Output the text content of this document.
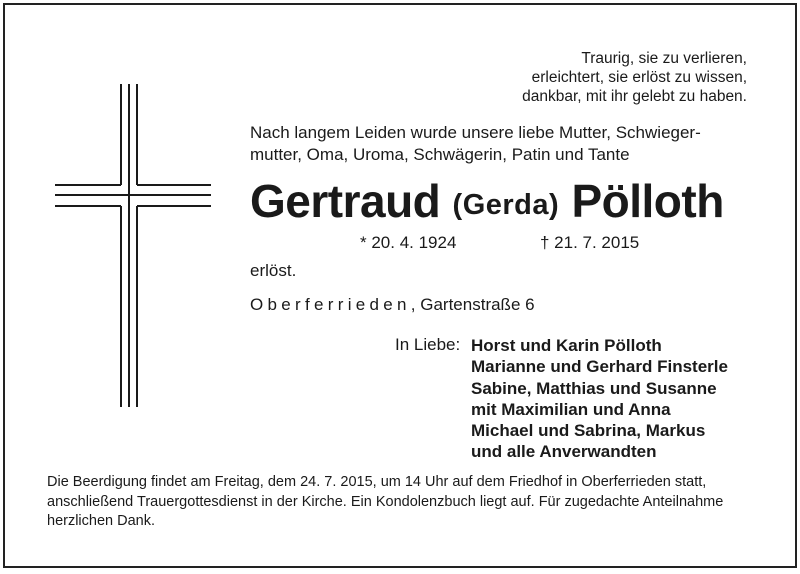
Traurig, sie zu verlieren,
erleichtert, sie erlöst zu wissen,
dankbar, mit ihr gelebt zu haben.
Nach langem Leiden wurde unsere liebe Mutter, Schwieger-
mutter, Oma, Uroma, Schwägerin, Patin und Tante
Gertraud (Gerda) Pölloth
* 20. 4. 1924	† 21. 7. 2015
erlöst.
Oberferrieden, Gartenstraße 6
In Liebe: Horst und Karin Pölloth
Marianne und Gerhard Finsterle
Sabine, Matthias und Susanne
mit Maximilian und Anna
Michael und Sabrina, Markus
und alle Anverwandten
Die Beerdigung findet am Freitag, dem 24. 7. 2015, um 14 Uhr auf dem Friedhof in Oberferrieden statt, anschließend Trauergottesdienst in der Kirche. Ein Kondolenzbuch liegt auf. Für zugedachte Anteilnahme herzlichen Dank.
